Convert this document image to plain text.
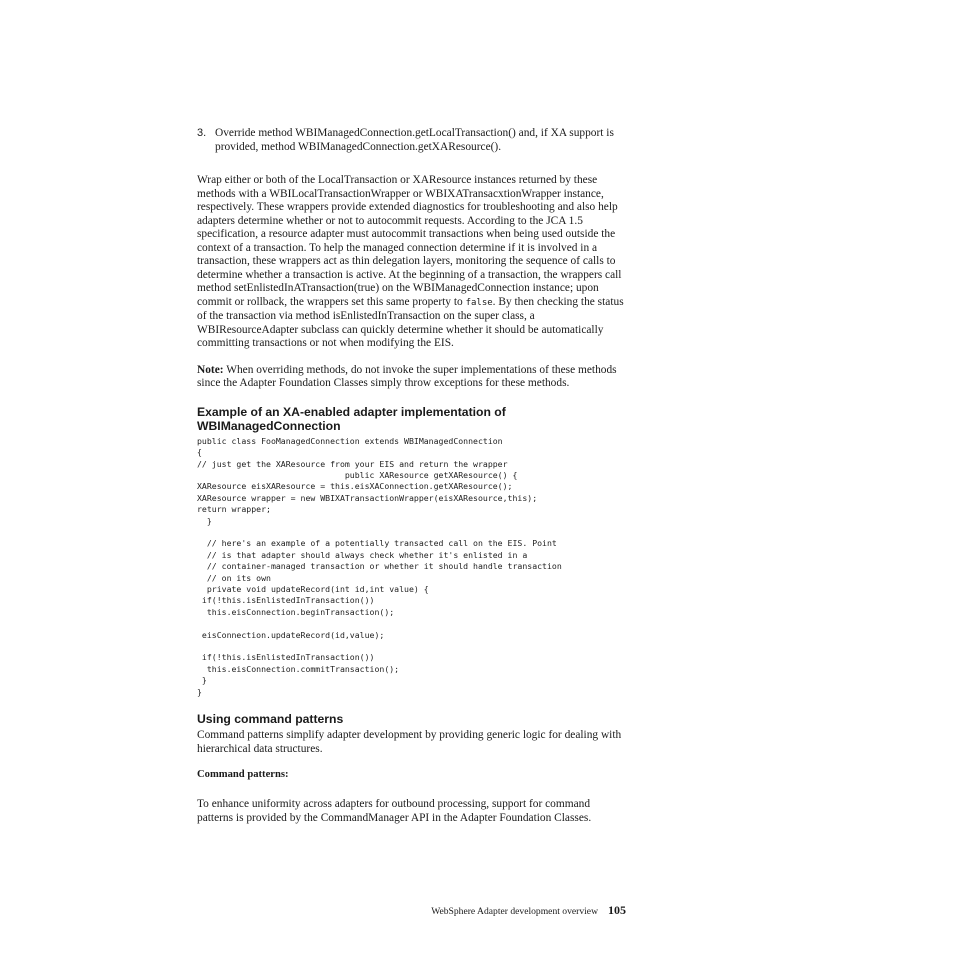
3. Override method WBIManagedConnection.getLocalTransaction() and, if XA support is provided, method WBIManagedConnection.getXAResource().

Wrap either or both of the LocalTransaction or XAResource instances returned by these methods with a WBILocalTransactionWrapper or WBIXATransacxtionWrapper instance, respectively. These wrappers provide extended diagnostics for troubleshooting and also help adapters determine whether or not to autocommit requests. According to the JCA 1.5 specification, a resource adapter must autocommit transactions when being used outside the context of a transaction. To help the managed connection determine if it is involved in a transaction, these wrappers act as thin delegation layers, monitoring the sequence of calls to determine whether a transaction is active. At the beginning of a transaction, the wrappers call method setEnlistedInATransaction(true) on the WBIManagedConnection instance; upon commit or rollback, the wrappers set this same property to false. By then checking the status of the transaction via method isEnlistedInTransaction on the super class, a WBIResourceAdapter subclass can quickly determine whether it should be automatically committing transactions or not when modifying the EIS.

Note: When overriding methods, do not invoke the super implementations of these methods since the Adapter Foundation Classes simply throw exceptions for these methods.

Example of an XA-enabled adapter implementation of WBIManagedConnection
public class FooManagedConnection extends WBIManagedConnection
{
// just get the XAResource from your EIS and return the wrapper
public XAResource getXAResource() {
XAResource eisXAResource = this.eisXAConnection.getXAResource();
XAResource wrapper = new WBIXATransactionWrapper(eisXAResource,this);
return wrapper;
}

// here's an example of a potentially transacted call on the EIS. Point
// is that adapter should always check whether it's enlisted in a
// container-managed transaction or whether it should handle transaction
// on its own
private void updateRecord(int id,int value) {
if(!this.isEnlistedInTransaction())
this.eisConnection.beginTransaction();

eisConnection.updateRecord(id,value);

if(!this.isEnlistedInTransaction())
this.eisConnection.commitTransaction();
}
}
Using command patterns

Command patterns simplify adapter development by providing generic logic for dealing with hierarchical data structures.

Command patterns:

To enhance uniformity across adapters for outbound processing, support for command patterns is provided by the CommandManager API in the Adapter Foundation Classes.

WebSphere Adapter development overview 105
